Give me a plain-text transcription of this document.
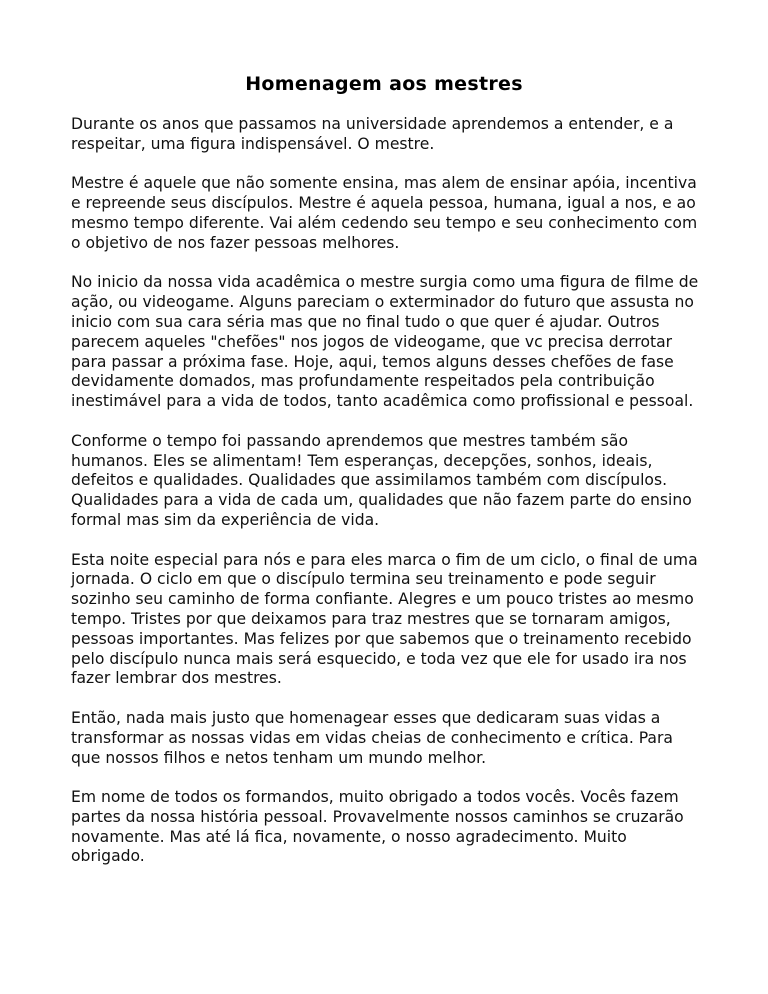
Homenagem aos mestres

Durante os anos que passamos na universidade aprendemos a entender, e a respeitar, uma figura indispensável. O mestre.

Mestre é aquele que não somente ensina, mas alem de ensinar apóia, incentiva e repreende seus discípulos. Mestre é aquela pessoa, humana, igual a nos, e ao mesmo tempo diferente. Vai além cedendo seu tempo e seu conhecimento com o objetivo de nos fazer pessoas melhores.

No inicio da nossa vida acadêmica o mestre surgia como uma figura de filme de ação, ou videogame. Alguns pareciam o exterminador do futuro que assusta no inicio com sua cara séria mas que no final tudo o que quer é ajudar. Outros parecem aqueles "chefões" nos jogos de videogame, que vc precisa derrotar para passar a próxima fase. Hoje, aqui, temos alguns desses chefões de fase devidamente domados, mas profundamente respeitados pela contribuição inestimável para a vida de todos, tanto acadêmica como profissional e pessoal.

Conforme o tempo foi passando aprendemos que mestres também são humanos. Eles se alimentam! Tem esperanças, decepções, sonhos, ideais, defeitos e qualidades. Qualidades que assimilamos também com discípulos. Qualidades para a vida de cada um, qualidades que não fazem parte do ensino formal mas sim da experiência de vida.

Esta noite especial para nós e para eles marca o fim de um ciclo, o final de uma jornada. O ciclo em que o discípulo termina seu treinamento e pode seguir sozinho seu caminho de forma confiante. Alegres e um pouco tristes ao mesmo tempo. Tristes por que deixamos para traz mestres que se tornaram amigos, pessoas importantes. Mas felizes por que sabemos que o treinamento recebido pelo discípulo nunca mais será esquecido, e toda vez que ele for usado ira nos fazer lembrar dos mestres.

Então, nada mais justo que homenagear esses que dedicaram suas vidas a transformar as nossas vidas em vidas cheias de conhecimento e crítica. Para que nossos filhos e netos tenham um mundo melhor.

Em nome de todos os formandos, muito obrigado a todos vocês. Vocês fazem partes da nossa história pessoal. Provavelmente nossos caminhos se cruzarão novamente. Mas até lá fica, novamente, o nosso agradecimento. Muito obrigado.
